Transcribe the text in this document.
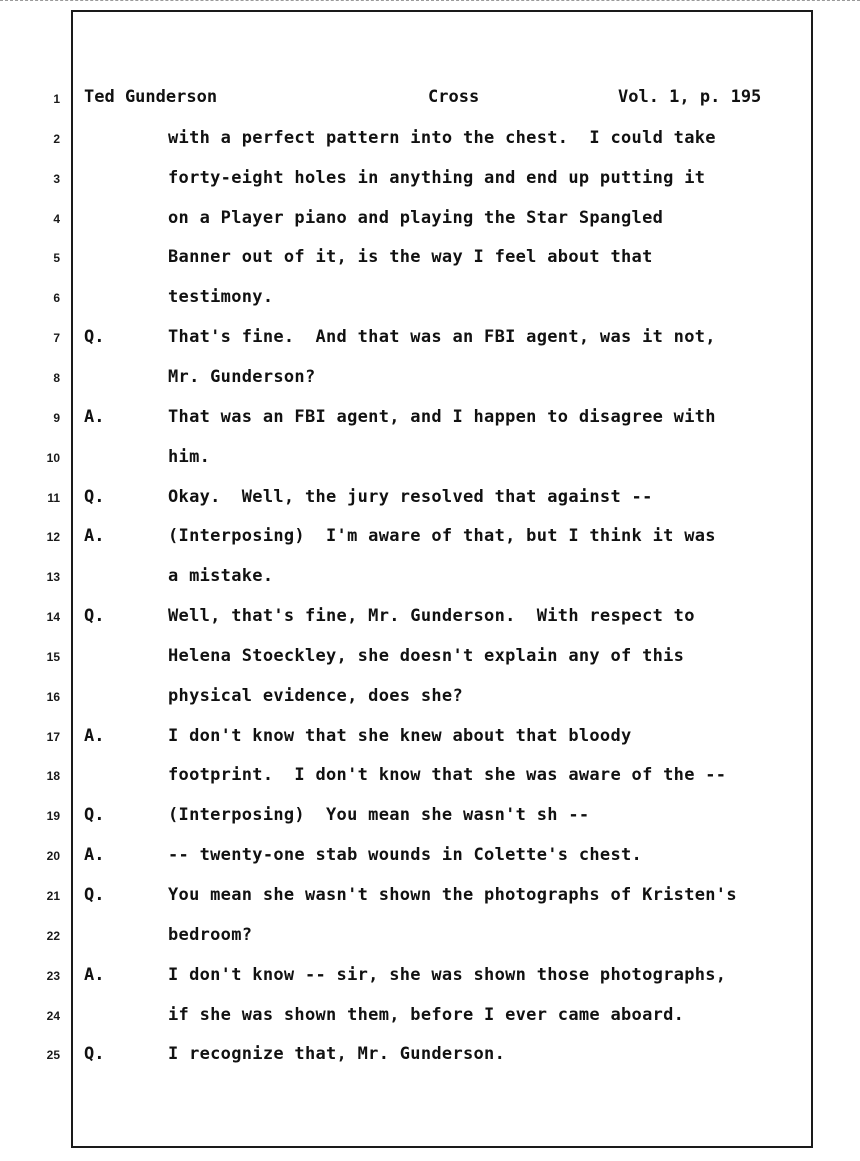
Ted Gunderson	Cross	Vol. 1, p. 195
1
2	with a perfect pattern into the chest.  I could take
3	forty-eight holes in anything and end up putting it
4	on a Player piano and playing the Star Spangled
5	Banner out of it, is the way I feel about that
6	testimony.
7 Q.	That's fine.  And that was an FBI agent, was it not,
8	Mr. Gunderson?
9 A.	That was an FBI agent, and I happen to disagree with
10	him.
11 Q.	Okay.  Well, the jury resolved that against --
12 A.	(Interposing)  I'm aware of that, but I think it was
13	a mistake.
14 Q.	Well, that's fine, Mr. Gunderson.  With respect to
15	Helena Stoeckley, she doesn't explain any of this
16	physical evidence, does she?
17 A.	I don't know that she knew about that bloody
18	footprint.  I don't know that she was aware of the --
19 Q.	(Interposing)  You mean she wasn't sh --
20 A.	-- twenty-one stab wounds in Colette's chest.
21 Q.	You mean she wasn't shown the photographs of Kristen's
22	bedroom?
23 A.	I don't know -- sir, she was shown those photographs,
24	if she was shown them, before I ever came aboard.
25 Q.	I recognize that, Mr. Gunderson.
